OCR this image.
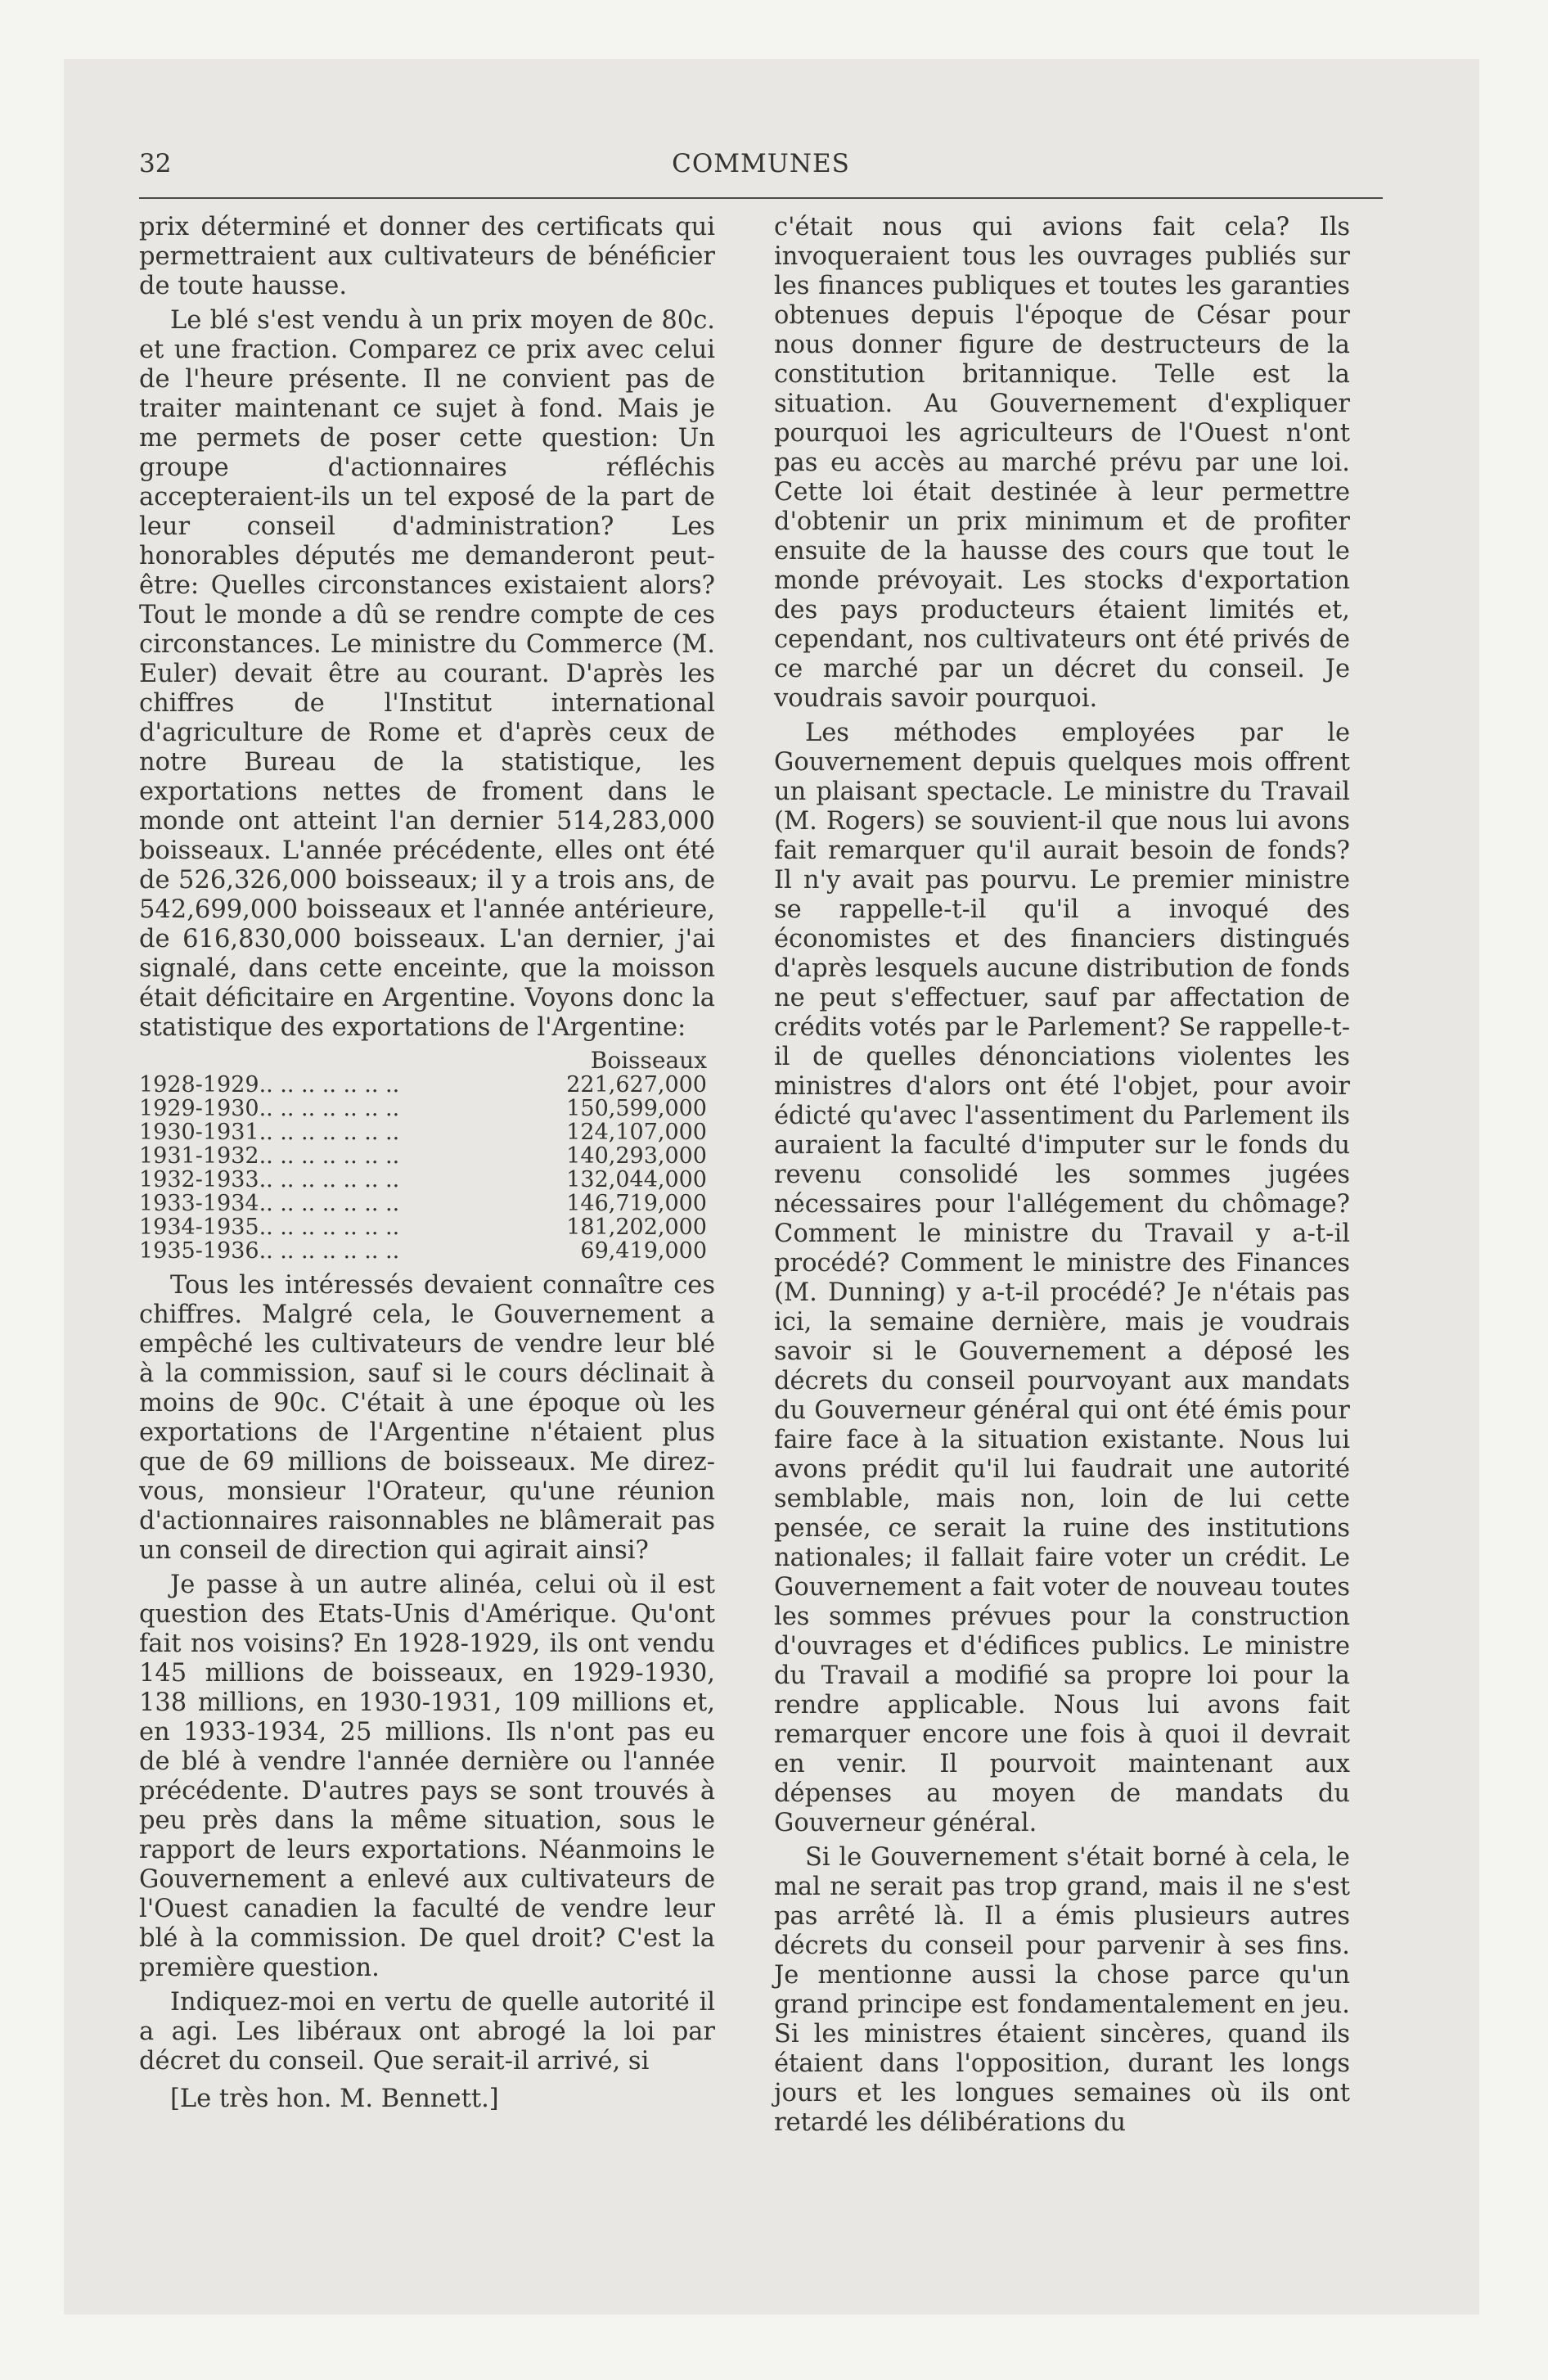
32	COMMUNES

prix déterminé et donner des certificats qui permettraient aux cultivateurs de bénéficier de toute hausse.

Le blé s'est vendu à un prix moyen de 80c. et une fraction. Comparez ce prix avec celui de l'heure présente. Il ne convient pas de traiter maintenant ce sujet à fond. Mais je me permets de poser cette question: Un groupe d'actionnaires réfléchis accepteraient-ils un tel exposé de la part de leur conseil d'administration? Les honorables députés me demanderont peut-être: Quelles circonstances existaient alors? Tout le monde a dû se rendre compte de ces circonstances. Le ministre du Commerce (M. Euler) devait être au courant. D'après les chiffres de l'Institut international d'agriculture de Rome et d'après ceux de notre Bureau de la statistique, les exportations nettes de froment dans le monde ont atteint l'an dernier 514,283,000 boisseaux. L'année précédente, elles ont été de 526,326,000 boisseaux; il y a trois ans, de 542,699,000 boisseaux et l'année antérieure, de 616,830,000 boisseaux. L'an dernier, j'ai signalé, dans cette enceinte, que la moisson était déficitaire en Argentine. Voyons donc la statistique des exportations de l'Argentine:

	Boisseaux
1928-1929.. .. .. .. .. .. ..	221,627,000
1929-1930.. .. .. .. .. .. ..	150,599,000
1930-1931.. .. .. .. .. .. ..	124,107,000
1931-1932.. .. .. .. .. .. ..	140,293,000
1932-1933.. .. .. .. .. .. ..	132,044,000
1933-1934.. .. .. .. .. .. ..	146,719,000
1934-1935.. .. .. .. .. .. ..	181,202,000
1935-1936.. .. .. .. .. .. ..	69,419,000

Tous les intéressés devaient connaître ces chiffres. Malgré cela, le Gouvernement a empêché les cultivateurs de vendre leur blé à la commission, sauf si le cours déclinait à moins de 90c. C'était à une époque où les exportations de l'Argentine n'étaient plus que de 69 millions de boisseaux. Me direz-vous, monsieur l'Orateur, qu'une réunion d'actionnaires raisonnables ne blâmerait pas un conseil de direction qui agirait ainsi?

Je passe à un autre alinéa, celui où il est question des Etats-Unis d'Amérique. Qu'ont fait nos voisins? En 1928-1929, ils ont vendu 145 millions de boisseaux, en 1929-1930, 138 millions, en 1930-1931, 109 millions et, en 1933-1934, 25 millions. Ils n'ont pas eu de blé à vendre l'année dernière ou l'année précédente. D'autres pays se sont trouvés à peu près dans la même situation, sous le rapport de leurs exportations. Néanmoins le Gouvernement a enlevé aux cultivateurs de l'Ouest canadien la faculté de vendre leur blé à la commission. De quel droit? C'est la première question.

Indiquez-moi en vertu de quelle autorité il a agi. Les libéraux ont abrogé la loi par décret du conseil. Que serait-il arrivé, si

[Le très hon. M. Bennett.]

c'était nous qui avions fait cela? Ils invoqueraient tous les ouvrages publiés sur les finances publiques et toutes les garanties obtenues depuis l'époque de César pour nous donner figure de destructeurs de la constitution britannique. Telle est la situation. Au Gouvernement d'expliquer pourquoi les agriculteurs de l'Ouest n'ont pas eu accès au marché prévu par une loi. Cette loi était destinée à leur permettre d'obtenir un prix minimum et de profiter ensuite de la hausse des cours que tout le monde prévoyait. Les stocks d'exportation des pays producteurs étaient limités et, cependant, nos cultivateurs ont été privés de ce marché par un décret du conseil. Je voudrais savoir pourquoi.

Les méthodes employées par le Gouvernement depuis quelques mois offrent un plaisant spectacle. Le ministre du Travail (M. Rogers) se souvient-il que nous lui avons fait remarquer qu'il aurait besoin de fonds? Il n'y avait pas pourvu. Le premier ministre se rappelle-t-il qu'il a invoqué des économistes et des financiers distingués d'après lesquels aucune distribution de fonds ne peut s'effectuer, sauf par affectation de crédits votés par le Parlement? Se rappelle-t-il de quelles dénonciations violentes les ministres d'alors ont été l'objet, pour avoir édicté qu'avec l'assentiment du Parlement ils auraient la faculté d'imputer sur le fonds du revenu consolidé les sommes jugées nécessaires pour l'allégement du chômage? Comment le ministre du Travail y a-t-il procédé? Comment le ministre des Finances (M. Dunning) y a-t-il procédé? Je n'étais pas ici, la semaine dernière, mais je voudrais savoir si le Gouvernement a déposé les décrets du conseil pourvoyant aux mandats du Gouverneur général qui ont été émis pour faire face à la situation existante. Nous lui avons prédit qu'il lui faudrait une autorité semblable, mais non, loin de lui cette pensée, ce serait la ruine des institutions nationales; il fallait faire voter un crédit. Le Gouvernement a fait voter de nouveau toutes les sommes prévues pour la construction d'ouvrages et d'édifices publics. Le ministre du Travail a modifié sa propre loi pour la rendre applicable. Nous lui avons fait remarquer encore une fois à quoi il devrait en venir. Il pourvoit maintenant aux dépenses au moyen de mandats du Gouverneur général.

Si le Gouvernement s'était borné à cela, le mal ne serait pas trop grand, mais il ne s'est pas arrêté là. Il a émis plusieurs autres décrets du conseil pour parvenir à ses fins. Je mentionne aussi la chose parce qu'un grand principe est fondamentalement en jeu. Si les ministres étaient sincères, quand ils étaient dans l'opposition, durant les longs jours et les longues semaines où ils ont retardé les délibérations du
